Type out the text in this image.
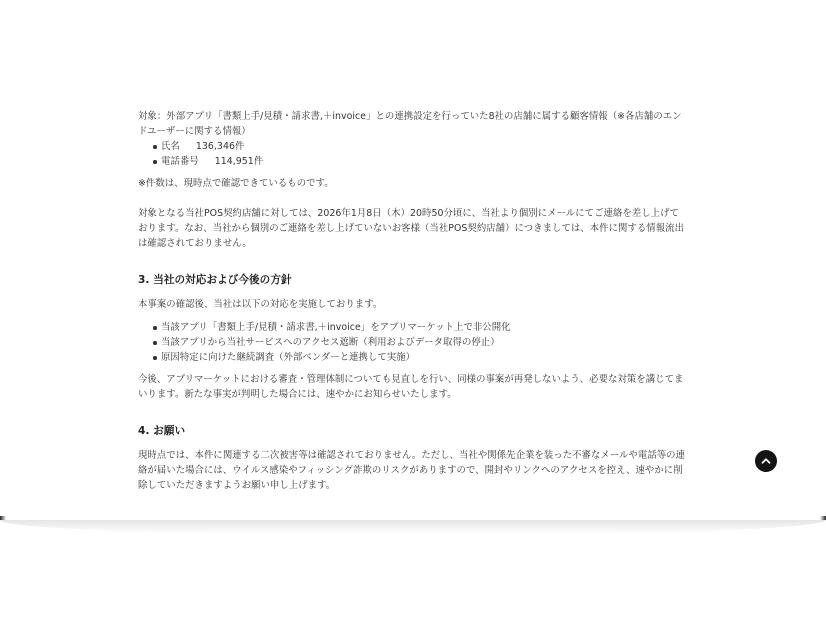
対象：外部アプリ「書類上手/見積・請求書,＋invoice」との連携設定を行っていた8社の店舗に属する顧客情報（※各店舗のエンドユーザーに関する情報）

氏名 136,346件
電話番号 114,951件

※件数は、現時点で確認できているものです。

対象となる当社POS契約店舗に対しては、2026年1月8日（木）20時50分頃に、当社より個別にメールにてご連絡を差し上げております。なお、当社から個別のご連絡を差し上げていないお客様（当社POS契約店舗）につきましては、本件に関する情報流出は確認されておりません。

3. 当社の対応および今後の方針

本事案の確認後、当社は以下の対応を実施しております。

当該アプリ「書類上手/見積・請求書,＋invoice」をアプリマーケット上で非公開化
当該アプリから当社サービスへのアクセス遮断（利用およびデータ取得の停止）
原因特定に向けた継続調査（外部ベンダーと連携して実施）

今後、アプリマーケットにおける審査・管理体制についても見直しを行い、同様の事案が再発しないよう、必要な対策を講じてまいります。新たな事実が判明した場合には、速やかにお知らせいたします。

4. お願い

現時点では、本件に関連する二次被害等は確認されておりません。ただし、当社や関係先企業を装った不審なメールや電話等の連絡が届いた場合には、ウイルス感染やフィッシング詐欺のリスクがありますので、開封やリンクへのアクセスを控え、速やかに削除していただきますようお願い申し上げます。
